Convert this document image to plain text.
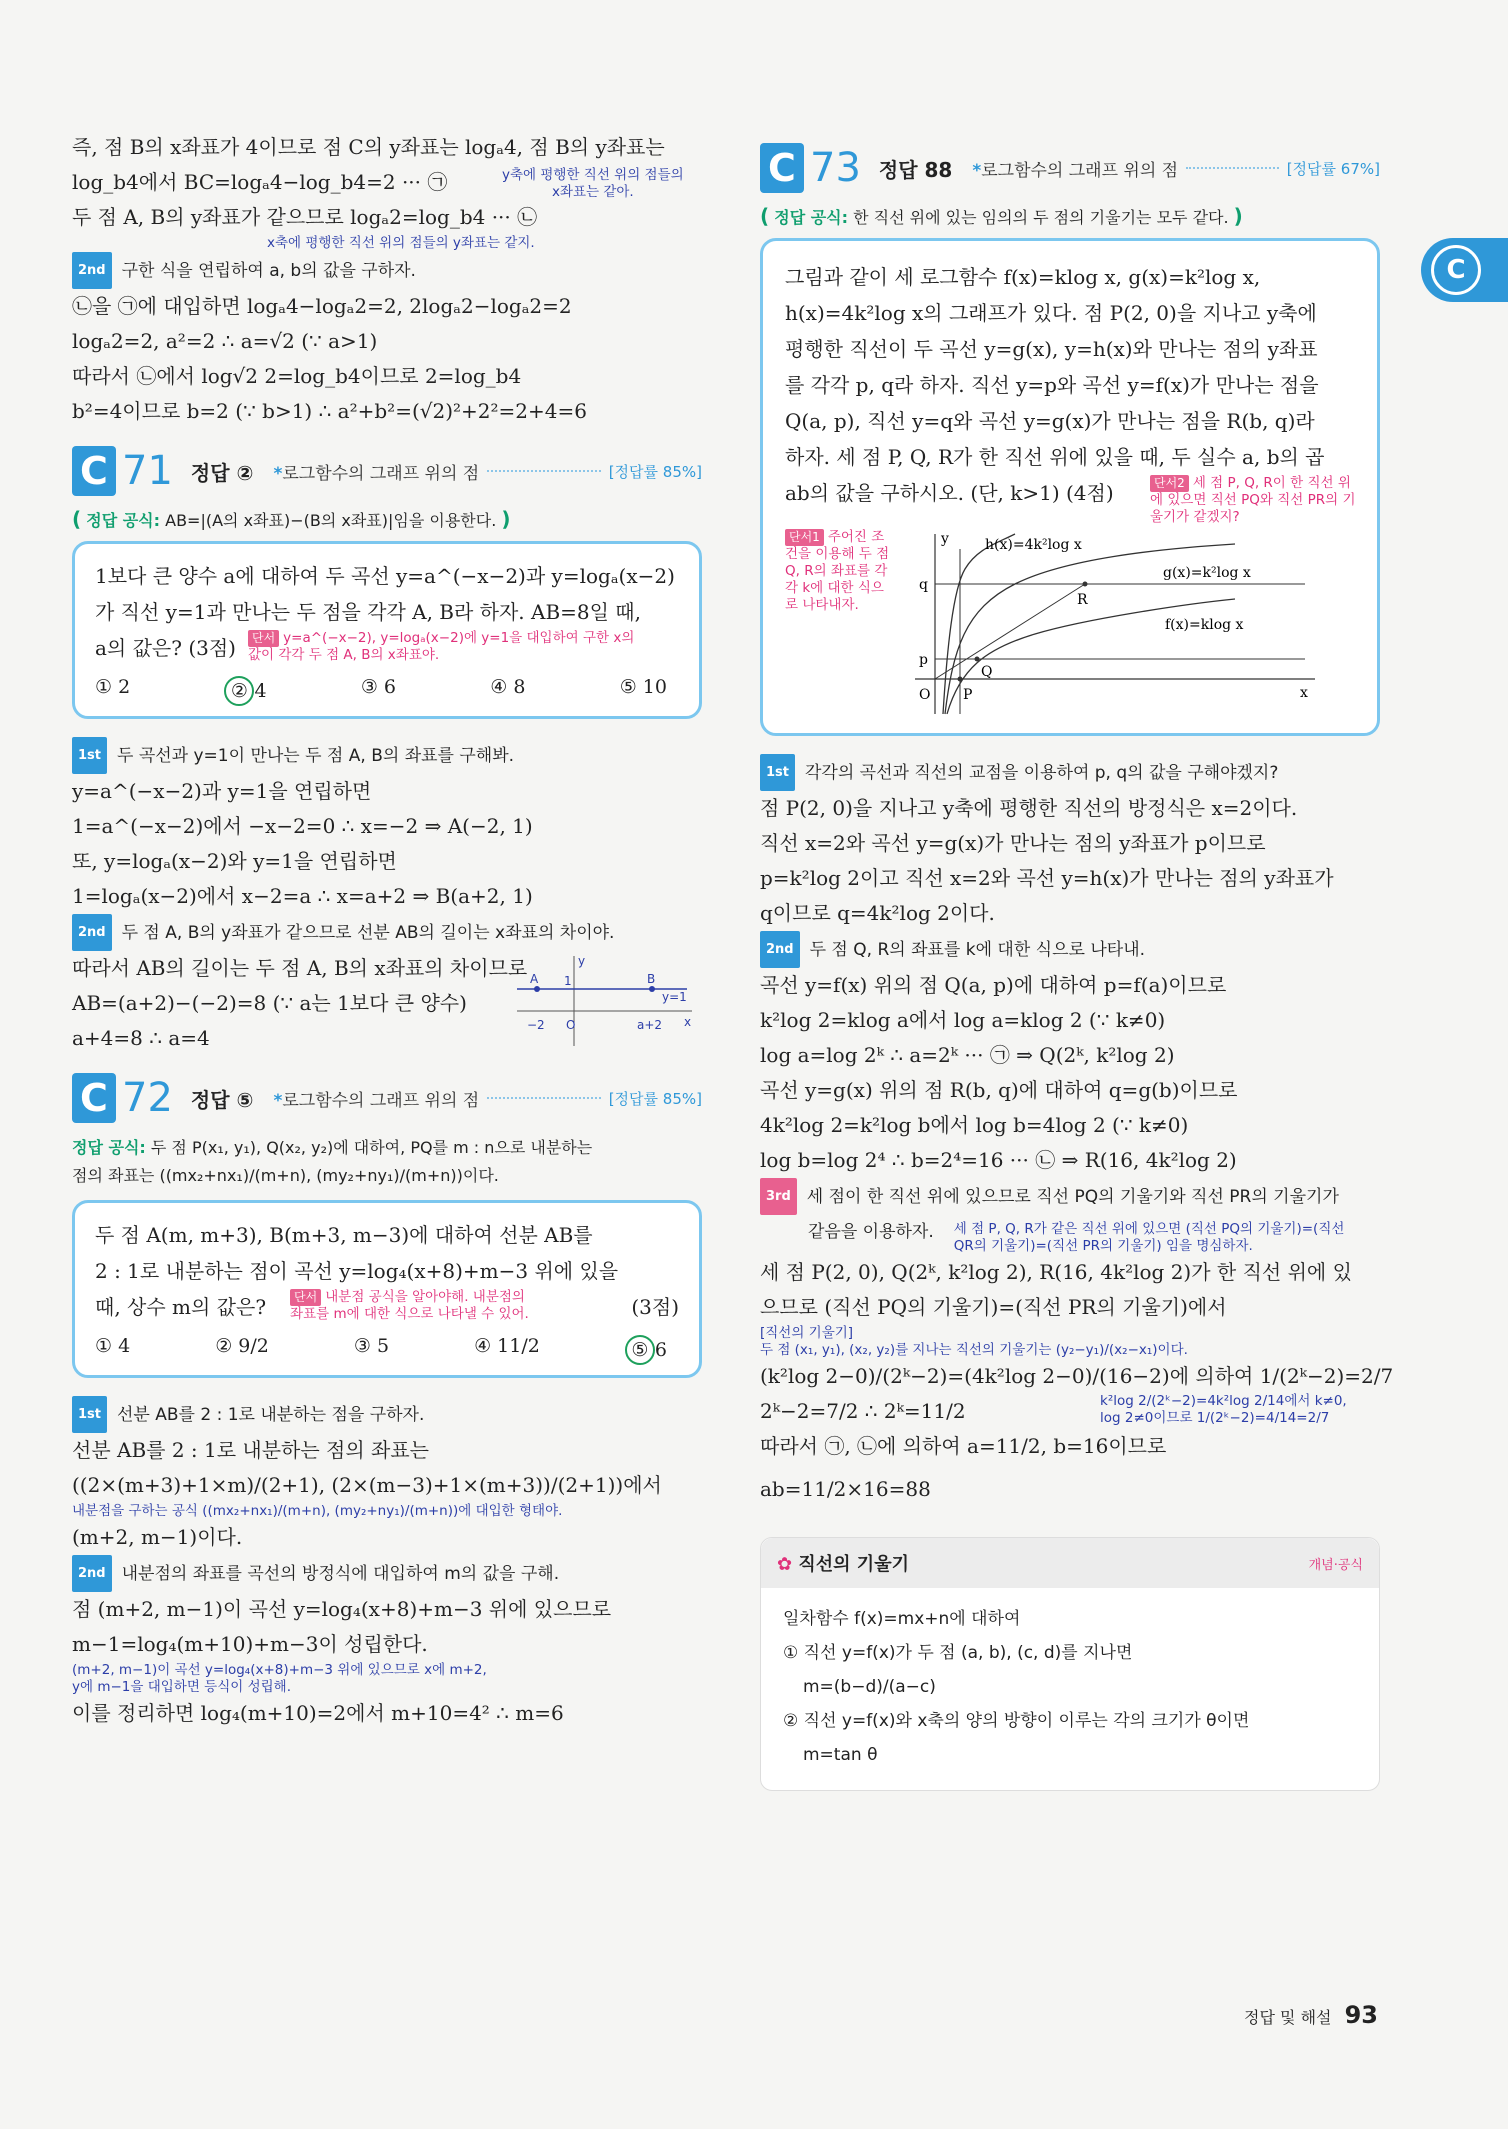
C
즉, 점 B의 x좌표가 4이므로 점 C의 y좌표는 logₐ4, 점 B의 y좌표는
log_b4에서 BC=logₐ4−log_b4=2 ··· ㉠	y축에 평행한 직선 위의 점들의
x좌표는 같아.
두 점 A, B의 y좌표가 같으므로 logₐ2=log_b4 ··· ㉡
x축에 평행한 직선 위의 점들의 y좌표는 같지.
2nd 구한 식을 연립하여 a, b의 값을 구하자.
㉡을 ㉠에 대입하면 logₐ4−logₐ2=2, 2logₐ2−logₐ2=2
logₐ2=2, a²=2 ∴ a=√2 (∵ a>1)
따라서 ㉡에서 log√2 2=log_b4이므로 2=log_b4
b²=4이므로 b=2 (∵ b>1) ∴ a²+b²=(√2)²+2²=2+4=6
C 71 정답 ② *로그함수의 그래프 위의 점	[정답률 85%]
( 정답 공식: AB=|(A의 x좌표)−(B의 x좌표)|임을 이용한다. )
1보다 큰 양수 a에 대하여 두 곡선 y=a^(−x−2)과 y=logₐ(x−2)
가 직선 y=1과 만나는 두 점을 각각 A, B라 하자. AB=8일 때,
a의 값은? (3점)	단서 y=a^(−x−2), y=logₐ(x−2)에 y=1을 대입하여 구한 x의 값이 각각 두 점 A, B의 x좌표야.
① 2	② 4	③ 6	④ 8	⑤ 10
1st 두 곡선과 y=1이 만나는 두 점 A, B의 좌표를 구해봐.
y=a^(−x−2)과 y=1을 연립하면
1=a^(−x−2)에서 −x−2=0 ∴ x=−2 ⇒ A(−2, 1)
또, y=logₐ(x−2)와 y=1을 연립하면
1=logₐ(x−2)에서 x−2=a ∴ x=a+2 ⇒ B(a+2, 1)
2nd 두 점 A, B의 y좌표가 같으므로 선분 AB의 길이는 x좌표의 차이야.
따라서 AB의 길이는 두 점 A, B의 x좌표의 차이므로
AB=(a+2)−(−2)=8 (∵ a는 1보다 큰 양수)
a+4=8 ∴ a=4
y
A	B
1
y=1
−2 O	a+2 x
C 72 정답 ⑤ *로그함수의 그래프 위의 점	[정답률 85%]
정답 공식: 두 점 P(x₁, y₁), Q(x₂, y₂)에 대하여, PQ를 m : n으로 내분하는
점의 좌표는 ((mx₂+nx₁)/(m+n), (my₂+ny₁)/(m+n))이다.
두 점 A(m, m+3), B(m+3, m−3)에 대하여 선분 AB를
2 : 1로 내분하는 점이 곡선 y=log₄(x+8)+m−3 위에 있을
때, 상수 m의 값은?	단서 내분점 공식을 알아야해. 내분점의 좌표를 m에 대한 식으로 나타낼 수 있어.	(3점)
① 4	② 9/2	③ 5	④ 11/2	⑤ 6
1st 선분 AB를 2 : 1로 내분하는 점을 구하자.
선분 AB를 2 : 1로 내분하는 점의 좌표는
((2×(m+3)+1×m)/(2+1), (2×(m−3)+1×(m+3))/(2+1))에서
내분점을 구하는 공식 ((mx₂+nx₁)/(m+n), (my₂+ny₁)/(m+n))에 대입한 형태야.
(m+2, m−1)이다.
2nd 내분점의 좌표를 곡선의 방정식에 대입하여 m의 값을 구해.
점 (m+2, m−1)이 곡선 y=log₄(x+8)+m−3 위에 있으므로
m−1=log₄(m+10)+m−3이 성립한다.
(m+2, m−1)이 곡선 y=log₄(x+8)+m−3 위에 있으므로 x에 m+2, y에 m−1을 대입하면 등식이 성립해.
이를 정리하면 log₄(m+10)=2에서 m+10=4² ∴ m=6
C 73 정답 88 *로그함수의 그래프 위의 점	[정답률 67%]
( 정답 공식: 한 직선 위에 있는 임의의 두 점의 기울기는 모두 같다. )
그림과 같이 세 로그함수 f(x)=klog x, g(x)=k²log x,
h(x)=4k²log x의 그래프가 있다. 점 P(2, 0)을 지나고 y축에
평행한 직선이 두 곡선 y=g(x), y=h(x)와 만나는 점의 y좌표
를 각각 p, q라 하자. 직선 y=p와 곡선 y=f(x)가 만나는 점을
Q(a, p), 직선 y=q와 곡선 y=g(x)가 만나는 점을 R(b, q)라
하자. 세 점 P, Q, R가 한 직선 위에 있을 때, 두 실수 a, b의 곱
ab의 값을 구하시오. (단, k>1) (4점)	단서2 세 점 P, Q, R이 한 직선 위에 있으면 직선 PQ와 직선 PR의 기울기가 같겠지?
단서1 주어진 조건을 이용해 두 점 Q, R의 좌표를 각각 k에 대한 식으로 나타내자.
h(x)=4k²log x
g(x)=k²log x
f(x)=klog x
q
p
R
Q
O P
y
x
1st 각각의 곡선과 직선의 교점을 이용하여 p, q의 값을 구해야겠지?
점 P(2, 0)을 지나고 y축에 평행한 직선의 방정식은 x=2이다.
직선 x=2와 곡선 y=g(x)가 만나는 점의 y좌표가 p이므로
p=k²log 2이고 직선 x=2와 곡선 y=h(x)가 만나는 점의 y좌표가
q이므로 q=4k²log 2이다.
2nd 두 점 Q, R의 좌표를 k에 대한 식으로 나타내.
곡선 y=f(x) 위의 점 Q(a, p)에 대하여 p=f(a)이므로
k²log 2=klog a에서 log a=klog 2 (∵ k≠0)
log a=log 2ᵏ ∴ a=2ᵏ ··· ㉠ ⇒ Q(2ᵏ, k²log 2)
곡선 y=g(x) 위의 점 R(b, q)에 대하여 q=g(b)이므로
4k²log 2=k²log b에서 log b=4log 2 (∵ k≠0)
log b=log 2⁴ ∴ b=2⁴=16 ··· ㉡ ⇒ R(16, 4k²log 2)
3rd 세 점이 한 직선 위에 있으므로 직선 PQ의 기울기와 직선 PR의 기울기가
같음을 이용하자. 세 점 P, Q, R가 같은 직선 위에 있으면 (직선 PQ의 기울기)=(직선 QR의 기울기)=(직선 PR의 기울기) 임을 명심하자.
세 점 P(2, 0), Q(2ᵏ, k²log 2), R(16, 4k²log 2)가 한 직선 위에 있
으므로 (직선 PQ의 기울기)=(직선 PR의 기울기)에서
[직선의 기울기]
두 점 (x₁, y₁), (x₂, y₂)를 지나는 직선의 기울기는 (y₂−y₁)/(x₂−x₁)이다.
(k²log 2−0)/(2ᵏ−2)=(4k²log 2−0)/(16−2)에 의하여 1/(2ᵏ−2)=2/7
2ᵏ−2=7/2 ∴ 2ᵏ=11/2	k²log 2/(2ᵏ−2)=4k²log 2/14에서 k≠0,
log 2≠0이므로 1/(2ᵏ−2)=4/14=2/7
따라서 ㉠, ㉡에 의하여 a=11/2, b=16이므로
ab=11/2×16=88
✿ 직선의 기울기	개념·공식
일차함수 f(x)=mx+n에 대하여
① 직선 y=f(x)가 두 점 (a, b), (c, d)를 지나면
m=(b−d)/(a−c)
② 직선 y=f(x)와 x축의 양의 방향이 이루는 각의 크기가 θ이면
m=tan θ
정답 및 해설 93
